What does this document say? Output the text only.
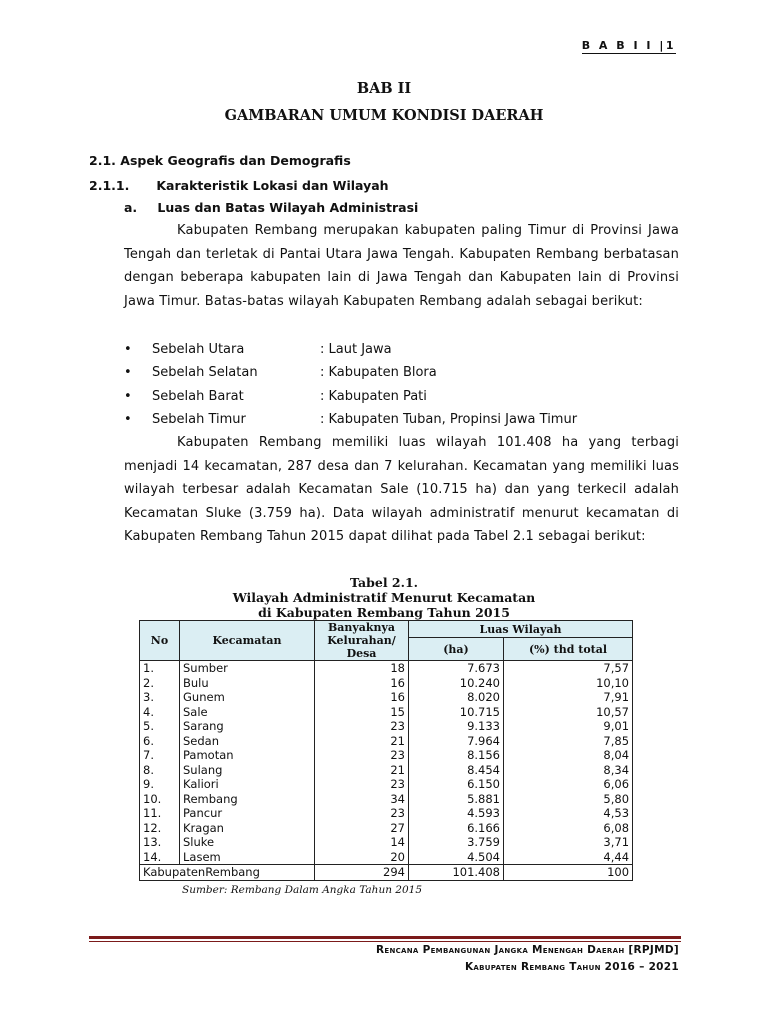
B A B I I |1
BAB II
GAMBARAN UMUM KONDISI DAERAH
2.1. Aspek Geografis dan Demografis
2.1.1. Karakteristik Lokasi dan Wilayah
a. Luas dan Batas Wilayah Administrasi
Kabupaten Rembang merupakan kabupaten paling Timur di Provinsi Jawa Tengah dan terletak di Pantai Utara Jawa Tengah. Kabupaten Rembang berbatasan dengan beberapa kabupaten lain di Jawa Tengah dan Kabupaten lain di Provinsi Jawa Timur. Batas-batas wilayah Kabupaten Rembang adalah sebagai berikut:
•	Sebelah Utara	: Laut Jawa
•	Sebelah Selatan	: Kabupaten Blora
•	Sebelah Barat	: Kabupaten Pati
•	Sebelah Timur	: Kabupaten Tuban, Propinsi Jawa Timur
Kabupaten Rembang memiliki luas wilayah 101.408 ha yang terbagi menjadi 14 kecamatan, 287 desa dan 7 kelurahan. Kecamatan yang memiliki luas wilayah terbesar adalah Kecamatan Sale (10.715 ha) dan yang terkecil adalah Kecamatan Sluke (3.759 ha). Data wilayah administratif menurut kecamatan di Kabupaten Rembang Tahun 2015 dapat dilihat pada Tabel 2.1 sebagai berikut:
Tabel 2.1.
Wilayah Administratif Menurut Kecamatan
di Kabupaten Rembang Tahun 2015
No	Kecamatan	Banyaknya Kelurahan/ Desa	Luas Wilayah	
			(ha)	(%) thd total
1.	Sumber	18	7.673	7,57
2.	Bulu	16	10.240	10,10
3.	Gunem	16	8.020	7,91
4.	Sale	15	10.715	10,57
5.	Sarang	23	9.133	9,01
6.	Sedan	21	7.964	7,85
7.	Pamotan	23	8.156	8,04
8.	Sulang	21	8.454	8,34
9.	Kaliori	23	6.150	6,06
10.	Rembang	34	5.881	5,80
11.	Pancur	23	4.593	4,53
12.	Kragan	27	6.166	6,08
13.	Sluke	14	3.759	3,71
14.	Lasem	20	4.504	4,44
KabupatenRembang		294	101.408	100
Sumber: Rembang Dalam Angka Tahun 2015
Rencana Pembangunan Jangka Menengah Daerah [RPJMD]
Kabupaten Rembang Tahun 2016 – 2021
